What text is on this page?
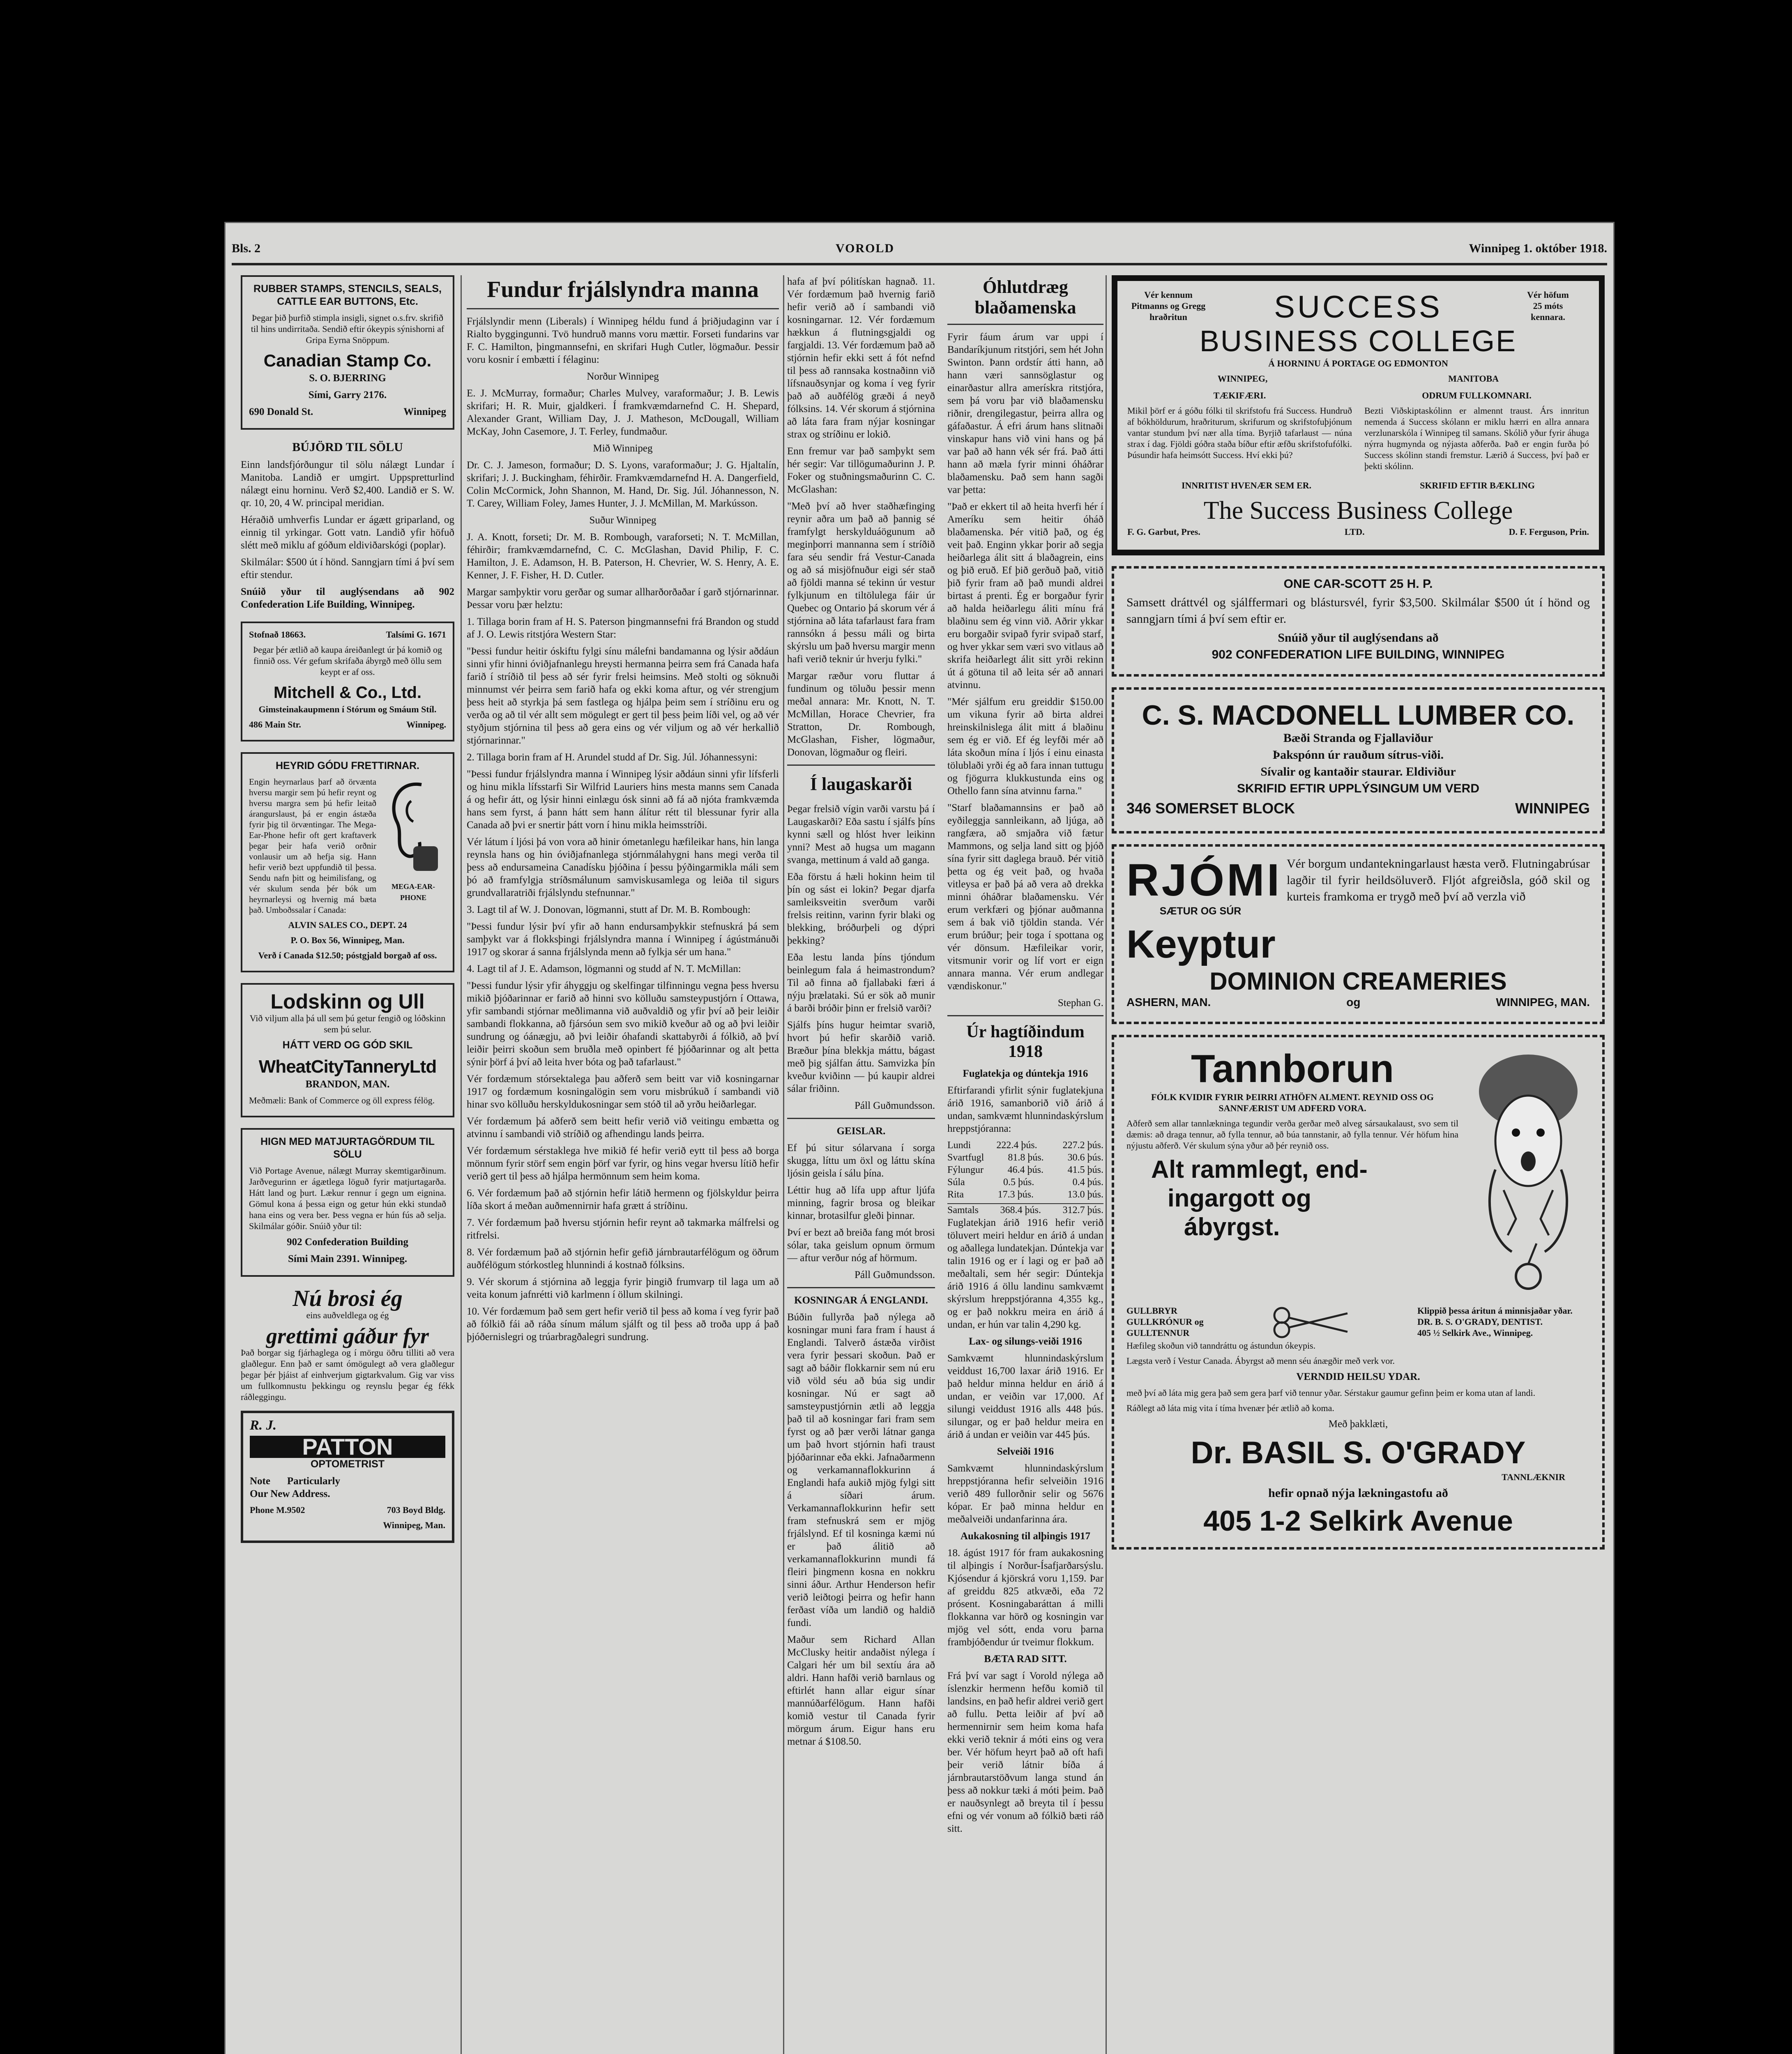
Bls. 2	VOROLD	Winnipeg 1. október 1918.
RUBBER STAMPS, STENCILS, SEALS, CATTLE EAR BUTTONS, Etc.
Þegar þið þurfið stimpla insigli, signet o.s.frv. skrifið til hins undirritaða. Sendið eftir ókeypis sýnishorni af Gripa Eyrna Snöppum.
Canadian Stamp Co.
S. O. BJERRING
Sími, Garry 2176.
690 Donald St.	Winnipeg
BÚJÖRD TIL SÖLU

Einn landsfjórðungur til sölu nálægt Lundar í Manitoba. Landið er umgirt. Uppspretturlind nálægt einu horninu. Verð $2,400. Landið er S. W. qr. 10, 20, 4 W. principal meridian.

Héraðið umhverfis Lundar er ágætt griparland, og einnig til yrkingar. Gott vatn. Landið yfir höfuð slétt með miklu af góðum eldiviðarskógi (poplar).

Skilmálar: $500 út í hönd. Sanngjarn tími á því sem eftir stendur.

Snúið yður til auglýsendans að 902 Confederation Life Building, Winnipeg.

Stofnað 18663.	Talsími G. 1671
Þegar þér ætlið að kaupa áreiðanlegt úr þá komið og finnið oss. Vér gefum skrifaða ábyrgð með öllu sem keypt er af oss.
Mitchell & Co., Ltd.
Gimsteinakaupmenn í Stórum og Smáum Stíl.
486 Main Str.	Winnipeg.
HEYRID GÓDU FRETTIRNAR.
Engin heyrnarlaus þarf að örvænta hversu margir sem þú hefir reynt og hversu margra sem þú hefir leitað árangurslaust, þá er engin ástæða fyrir þig til örvæntingar. The Mega-Ear-Phone hefir oft gert kraftaverk þegar þeir hafa verið orðnir vonlausir um að hefja sig. Hann hefir verið bezt uppfundið til þessa. Sendu nafn þitt og heimilisfang, og vér skulum senda þér bók um heyrnarleysi og hvernig má bæta það. Umboðssalar í Canada:
MEGA-EAR-PHONE
ALVIN SALES CO., DEPT. 24
P. O. Box 56, Winnipeg, Man.
Verð í Canada $12.50; póstgjald borgað af oss.
Lodskinn og Ull
Við viljum alla þá ull sem þú getur fengið og lóðskinn sem þú selur.
HÁTT VERD OG GÓD SKIL
WheatCityTanneryLtd
BRANDON, MAN.
Meðmæli: Bank of Commerce og öll express félög.
HIGN MED MATJURTAGÖRDUM TIL SÖLU
Við Portage Avenue, nálægt Murray skemtigarðinum. Jarðvegurinn er ágætlega löguð fyrir matjurtagarða. Hátt land og þurt. Lækur rennur í gegn um eignina. Gömul kona á þessa eign og getur hún ekki stundað hana eins og vera ber. Þess vegna er hún fús að selja. Skilmálar góðir. Snúið yður til:
902 Confederation Building
Sími Main 2391. Winnipeg.
Nú brosi ég
eins auðveldlega og ég
grettimi gáður fyr

Það borgar sig fjárhaglega og í mörgu öðru tilliti að vera glaðlegur. Enn það er samt ómögulegt að vera glaðlegur þegar þér þjáist af einhverjum gigtarkvalum. Gig var viss um fullkomnustu þekkingu og reynslu þegar ég fékk ráðleggingu.

R. J.
PATTON
OPTOMETRIST
Note Particularly Our New Address.
Phone M.9502	703 Boyd Bldg.
Winnipeg, Man.
Fundur frjálslyndra manna

Frjálslyndir menn (Liberals) í Winnipeg héldu fund á þriðjudaginn var í Rialto byggingunni. Tvö hundruð manns voru mættir. Forseti fundarins var F. C. Hamilton, þingmannsefni, en skrifari Hugh Cutler, lögmaður. Þessir voru kosnir í embætti í félaginu:

Norður Winnipeg

E. J. McMurray, formaður; Charles Mulvey, varaformaður; J. B. Lewis skrifari; H. R. Muir, gjaldkeri. Í framkvæmdarnefnd C. H. Shepard, Alexander Grant, William Day, J. J. Matheson, McDougall, William McKay, John Casemore, J. T. Ferley, fundmaður.

Mið Winnipeg

Dr. C. J. Jameson, formaður; D. S. Lyons, varaformaður; J. G. Hjaltalín, skrifari; J. J. Buckingham, féhirðir. Framkvæmdarnefnd H. A. Dangerfield, Colin McCormick, John Shannon, M. Hand, Dr. Sig. Júl. Jóhannesson, N. T. Carey, William Foley, James Hunter, J. J. McMillan, M. Markússon.

Suður Winnipeg

J. A. Knott, forseti; Dr. M. B. Rombough, varaforseti; N. T. McMillan, féhirðir; framkvæmdarnefnd, C. C. McGlashan, David Philip, F. C. Hamilton, J. E. Adamson, H. B. Paterson, H. Chevrier, W. S. Henry, A. E. Kenner, J. F. Fisher, H. D. Cutler.

Margar samþyktir voru gerðar og sumar allharðorðaðar í garð stjórnarinnar. Þessar voru þær helztu:

1. Tillaga borin fram af H. S. Paterson þingmannsefni frá Brandon og studd af J. O. Lewis ritstjóra Western Star:

"Þessi fundur heitir óskiftu fylgi sínu málefni bandamanna og lýsir aðdáun sinni yfir hinni óviðjafnanlegu hreysti hermanna þeirra sem frá Canada hafa farið í stríðið til þess að sér fyrir frelsi heimsins. Með stolti og söknuði minnumst vér þeirra sem farið hafa og ekki koma aftur, og vér strengjum þess heit að styrkja þá sem fastlega og hjálpa þeim sem í stríðinu eru og verða og að til vér allt sem mögulegt er gert til þess þeim líði vel, og að vér styðjum stjórnina til þess að gera eins og vér viljum og að vér herkallið stjórnarinnar."

2. Tillaga borin fram af H. Arundel studd af Dr. Sig. Júl. Jóhannessyni:

"Þessi fundur frjálslyndra manna í Winnipeg lýsir aðdáun sinni yfir lífsferli og hinu mikla lífsstarfi Sir Wilfrid Lauriers hins mesta manns sem Canada á og hefir átt, og lýsir hinni einlægu ósk sinni að fá að njóta framkvæmda hans sem fyrst, á þann hátt sem hann álítur rétt til blessunar fyrir alla Canada að þvi er snertir þátt vorn í hinu mikla heimsstríði.

Vér látum í ljósi þá von vora að hinir ómetanlegu hæfileikar hans, hin langa reynsla hans og hin óviðjafnanlega stjórnmálahygni hans megi verða til þess að endursameina Canadísku þjóðina í þessu þýðingarmikla máli sem þó að framfylgja stríðsmálunum samviskusamlega og leiða til sigurs grundvallaratriði frjálslyndu stefnunnar."

3. Lagt til af W. J. Donovan, lögmanni, stutt af Dr. M. B. Rombough:

"Þessi fundur lýsir því yfir að hann endursamþykkir stefnuskrá þá sem samþykt var á flokksþingi frjálslyndra manna í Winnipeg í ágústmánuði 1917 og skorar á sanna frjálslynda menn að fylkja sér um hana."

4. Lagt til af J. E. Adamson, lögmanni og studd af N. T. McMillan:

"Þessi fundur lýsir yfir áhyggju og skelfingar tilfinningu vegna þess hversu mikið þjóðarinnar er farið að hinni svo kölluðu samsteypustjórn í Ottawa, yfir sambandi stjórnar meðlimanna við auðvaldið og yfir því að þeir leiðir sambandi flokkanna, að fjársóun sem svo mikið kveður að og að þvi leiðir sundrung og óánægju, að þvi leiðir óhafandi skattabyrði á fólkið, að því leiðir þeirri skoðun sem bruðla með opinbert fé þjóðarinnar og alt þetta sýnir þörf á því að leita hver bóta og það tafarlaust."

Vér fordæmum stórsektalega þau aðferð sem beitt var við kosningarnar 1917 og fordæmum kosningalögin sem voru misbrúkuð í sambandi við hinar svo kölluðu herskyldukosningar sem stóð til að yrðu heiðarlegar.

Vér fordæmum þá aðferð sem beitt hefir verið við veitingu embætta og atvinnu í sambandi við stríðið og afhendingu lands þeirra.

Vér fordæmum sérstaklega hve mikið fé hefir verið eytt til þess að borga mönnum fyrir störf sem engin þörf var fyrir, og hins vegar hversu lítið hefir verið gert til þess að hjálpa hermönnum sem heim koma.

6. Vér fordæmum það að stjórnin hefir látið hermenn og fjölskyldur þeirra líða skort á meðan auðmennirnir hafa grætt á stríðinu.

7. Vér fordæmum það hversu stjórnin hefir reynt að takmarka málfrelsi og ritfrelsi.

8. Vér fordæmum það að stjórnin hefir gefið járnbrautarfélögum og öðrum auðfélögum stórkostleg hlunnindi á kostnað fólksins.

9. Vér skorum á stjórnina að leggja fyrir þingið frumvarp til laga um að veita konum jafnrétti við karlmenn í öllum skilningi.

10. Vér fordæmum það sem gert hefir verið til þess að koma í veg fyrir það að fólkið fái að ráða sínum málum sjálft og til þess að troða upp á það þjóðernislegri og trúarbragðalegri sundrung.

hafa af því pólitískan hagnað. 11. Vér fordæmum það hvernig farið hefir verið að í sambandi við kosningarnar. 12. Vér fordæmum hækkun á flutningsgjaldi og fargjaldi. 13. Vér fordæmum það að stjórnin hefir ekki sett á fót nefnd til þess að rannsaka kostnaðinn við lífsnauðsynjar og koma í veg fyrir það að auðfélög græði á neyð fólksins. 14. Vér skorum á stjórnina að láta fara fram nýjar kosningar strax og stríðinu er lokið.

Enn fremur var það samþykt sem hér segir: Var tillögumaðurinn J. P. Foker og stuðningsmaðurinn C. C. McGlashan:

"Með því að hver staðhæfinging reynir aðra um það að þannig sé framfylgt herskylduáögunum að meginþorri mannanna sem í stríðið fara séu sendir frá Vestur-Canada og að sá misjöfnuður eigi sér stað að fjöldi manna sé tekinn úr vestur fylkjunum en tiltölulega fáir úr Quebec og Ontario þá skorum vér á stjórnina að láta tafarlaust fara fram rannsókn á þessu máli og birta skýrslu um það hversu margir menn hafi verið teknir úr hverju fylki."

Margar ræður voru fluttar á fundinum og töluðu þessir menn meðal annara: Mr. Knott, N. T. McMillan, Horace Chevrier, fra Stratton, Dr. Rombough, McGlashan, Fisher, lögmaður, Donovan, lögmaður og fleiri.

Í laugaskarði

Þegar frelsið vígin varði varstu þá í Laugaskarði? Eða sastu í sjálfs þíns kynni sæll og hlóst hver leikinn ynni? Mest að hugsa um magann svanga, mettinum á vald að ganga.

Eða förstu á hæli hokinn heim til þín og sást ei lokin? Þegar djarfa samleiksveitin sverðum varði frelsis reitinn, varinn fyrir blaki og blekking, bróðurþeli og dýpri þekking?

Eða lestu landa þíns tjóndum beinlegum fala á heimastrondum? Til að finna að fjallabaki færi á nýju þrælataki. Sú er sök að munir á barði bróðir þinn er frelsið varði?

Sjálfs þíns hugur heimtar svarið, hvort þú hefir skarðið varið. Bræður þína blekkja máttu, bágast með þig sjálfan áttu. Samvizka þín kveður kviðinn — þú kaupir aldrei sálar friðinn.

Páll Guðmundsson.
GEISLAR.

Ef þú situr sólarvana í sorga skugga, líttu um öxl og láttu skína ljósin geisla í sálu þína.

Léttir hug að lífa upp aftur ljúfa minning, fagrir brosa og bleikar kinnar, brotasilfur gleði þinnar.

Því er bezt að breiða fang mót brosi sólar, taka geislum opnum örmum — aftur verður nóg af hörmum.

Páll Guðmundsson.
KOSNINGAR Á ENGLANDI.

Búðin fullyrða það nýlega að kosningar muni fara fram í haust á Englandi. Talverð ástæða virðist vera fyrir þessari skoðun. Það er sagt að báðir flokkarnir sem nú eru við völd séu að búa sig undir kosningar. Nú er sagt að samsteypustjórnin ætli að leggja það til að kosningar fari fram sem fyrst og að þær verði látnar ganga um það hvort stjórnin hafi traust þjóðarinnar eða ekki. Jafnaðarmenn og verkamannaflokkurinn á Englandi hafa aukið mjög fylgi sitt á síðari árum. Verkamannaflokkurinn hefir sett fram stefnuskrá sem er mjög frjálslynd. Ef til kosninga kæmi nú er það álitið að verkamannaflokkurinn mundi fá fleiri þingmenn kosna en nokkru sinni áður. Arthur Henderson hefir verið leiðtogi þeirra og hefir hann ferðast víða um landið og haldið fundi.

Maður sem Richard Allan McClusky heitir andaðist nýlega í Calgari hér um bil sextíu ára að aldri. Hann hafði verið barnlaus og eftirlét hann allar eigur sínar mannúðarfélögum. Hann hafði komið vestur til Canada fyrir mörgum árum. Eigur hans eru metnar á $108.50.

Óhlutdræg blaðamenska

Fyrir fáum árum var uppi í Bandaríkjunum ritstjóri, sem hét John Swinton. Þann ordstír átti hann, að hann væri sannsöglastur og einarðastur allra amerískra ritstjóra, sem þá voru þar við blaðamensku riðnir, drengilegastur, þeirra allra og gáfaðastur. Á efri árum hans slitnaði vinskapur hans við vini hans og þá var það að hann vék sér frá. Það átti hann að mæla fyrir minni óháðrar blaðamensku. Það sem hann sagði var þetta:

"Það er ekkert til að heita hverfi hér í Ameríku sem heitir óháð blaðamenska. Þér vitið það, og ég veit það. Enginn ykkar þorir að segja heiðarlega álit sitt á blaðagrein, eins og þið eruð. Ef þið gerðuð það, vitið þið fyrir fram að það mundi aldrei birtast á prenti. Ég er borgaður fyrir að halda heiðarlegu áliti mínu frá blaðinu sem ég vinn við. Aðrir ykkar eru borgaðir svipað fyrir svipað starf, og hver ykkar sem væri svo vitlaus að skrifa heiðarlegt álit sitt yrði rekinn út á götuna til að leita sér að annari atvinnu.

"Mér sjálfum eru greiddir $150.00 um vikuna fyrir að birta aldrei hreinskilnislega álit mitt á blaðinu sem ég er við. Ef ég leyfði mér að láta skoðun mína í ljós í einu einasta tölublaði yrði ég að fara innan tuttugu og fjögurra klukkustunda eins og Othello fann sína atvinnu farna."

"Starf blaðamannsins er það að eyðileggja sannleikann, að ljúga, að rangfæra, að smjaðra við fætur Mammons, og selja land sitt og þjóð sína fyrir sitt daglega brauð. Þér vitið þetta og ég veit það, og hvaða vitleysa er það þá að vera að drekka minni óháðrar blaðamensku. Vér erum verkfæri og þjónar auðmanna sem á bak við tjöldin standa. Vér erum brúður; þeir toga í spottana og vér dönsum. Hæfileikar vorir, vitsmunir vorir og líf vort er eign annara manna. Vér erum andlegar vændiskonur."

Stephan G.
Úr hagtíðindum 1918
Fuglatekja og dúntekja 1916

Eftirfarandi yfirlit sýnir fuglatekjuna árið 1916, samanborið við árið á undan, samkvæmt hlunnindaskýrslum hreppstjóranna:

Lundi	222.4 þús.	227.2 þús.
Svartfugl 81.8 þús. 30.6 þús.
Fýlungur 46.4 þús. 41.5 þús.
Súla	0.5 þús.	0.4 þús.
Rita	17.3 þús.	13.0 þús.
Samtals 368.4 þús. 312.7 þús.

Fuglatekjan árið 1916 hefir verið töluvert meiri heldur en árið á undan og aðallega lundatekjan. Dúntekja var talin 1916 og er í lagi og er það að meðaltali, sem hér segir: Dúntekja árið 1916 á öllu landinu samkvæmt skýrslum hreppstjóranna 4,355 kg., og er það nokkru meira en árið á undan, er hún var talin 4,290 kg.

Lax- og silungs-veiði 1916

Samkvæmt hlunnindaskýrslum veiddust 16,700 laxar árið 1916. Er það heldur minna heldur en árið á undan, er veiðin var 17,000. Af silungi veiddust 1916 alls 448 þús. silungar, og er það heldur meira en árið á undan er veiðin var 445 þús.

Selveiði 1916

Samkvæmt hlunnindaskýrslum hreppstjóranna hefir selveiðin 1916 verið 489 fullorðnir selir og 5676 kópar. Er það minna heldur en meðalveiði undanfarinna ára.

Aukakosning til alþingis 1917

18. ágúst 1917 fór fram aukakosning til alþingis í Norður-Ísafjarðarsýslu. Kjósendur á kjörskrá voru 1,159. Þar af greiddu 825 atkvæði, eða 72 prósent. Kosningabaráttan á milli flokkanna var hörð og kosningin var mjög vel sótt, enda voru þarna frambjóðendur úr tveimur flokkum.

BÆTA RAD SITT.

Frá því var sagt í Vorold nýlega að íslenzkir hermenn hefðu komið til landsins, en það hefir aldrei verið gert að fullu. Þetta leiðir af því að hermennirnir sem heim koma hafa ekki verið teknir á móti eins og vera ber. Vér höfum heyrt það að oft hafi þeir verið látnir bíða á járnbrautarstöðvum langa stund án þess að nokkur tæki á móti þeim. Það er nauðsynlegt að breyta til í þessu efni og vér vonum að fólkið bæti ráð sitt.

Vér kennum
Pitmanns og Gregg
hraðritun	SUCCESS	Vér höfum
25 móts
kennara.
BUSINESS COLLEGE
Á HORNINU Á PORTAGE OG EDMONTON
WINNIPEG,	MANITOBA
TÆKIFÆRI.
Mikil þörf er á góðu fólki til skrifstofu frá Success. Hundruð af bókhöldurum, hraðriturum, skrifurum og skrifstofuþjónum vantar stundum því nær alla tíma. Byrjið tafarlaust — núna strax í dag. Fjöldi góðra staða bíður eftir æfðu skrifstofufólki. Þúsundir hafa heimsótt Success. Hví ekki þú?
ODRUM FULLKOMNARI.
Bezti Viðskiptaskólinn er almennt traust. Árs innritun nemenda á Success skólann er miklu hærri en allra annara verzlunarskóla í Winnipeg til samans. Skólið yður fyrir áhuga nýrra hugmynda og nýjasta aðferða. Það er engin furða þó Success skólinn standi fremstur. Lærið á Success, því það er þekti skólinn.
INNRITIST HVENÆR SEM ER.	SKRIFID EFTIR BÆKLING
The Success Business College
F. G. Garbut, Pres.	LTD.	D. F. Ferguson, Prin.
ONE CAR-SCOTT 25 H. P.

Samsett dráttvél og sjálffermari og blástursvél, fyrir $3,500. Skilmálar $500 út í hönd og sanngjarn tími á því sem eftir er.

Snúið yður til auglýsendans að
902 CONFEDERATION LIFE BUILDING, WINNIPEG
C. S. MACDONELL LUMBER CO.
Bæði Stranda og Fjallaviður
Þakspónn úr rauðum sítrus-viði.
Sívalir og kantaðir staurar. Eldiviður
SKRIFID EFTIR UPPLÝSINGUM UM VERD
346 SOMERSET BLOCK	WINNIPEG
RJÓMI
SÆTUR OG SÚR
Keyptur

Vér borgum undantekningarlaust hæsta verð. Flutningabrúsar lagðir til fyrir heildsöluverð. Fljót afgreiðsla, góð skil og kurteis framkoma er trygð með því að verzla við

DOMINION CREAMERIES
ASHERN, MAN.	og	WINNIPEG, MAN.
Tannborun
FÓLK KVIDIR FYRIR ÞEIRRI ATHÖFN ALMENT. REYNID OSS OG SANNFÆRIST UM ADFERD VORA.

Aðferð sem allar tannlækninga tegundir verða gerðar með alveg sársaukalaust, svo sem til dæmis: að draga tennur, að fylla tennur, að búa tannstanir, að fylla tennur. Vér höfum hina nýjustu aðferð. Vér skulum sýna yður að þér reynið oss.

Alt rammlegt, end-
ingargott og
ábyrgst.
GULLBRYR
GULLKRÓNUR og
GULLTENNUR
Klippið þessa áritun á minnisjaðar yðar.
DR. B. S. O'GRADY, DENTIST.
405 ½ Selkirk Ave., Winnipeg.

Hæfileg skoðun við tanndráttu og ástundun ókeypis.

Lægsta verð í Vestur Canada. Ábyrgst að menn séu ánægðir með verk vor.

VERNDID HEILSU YDAR.

með því að láta mig gera það sem gera þarf við tennur yðar. Sérstakur gaumur gefinn þeim er koma utan af landi.

Ráðlegt að láta mig vita í tíma hvenær þér ætlið að koma.

Með þakklæti,
Dr. BASIL S. O'GRADY
TANNLÆKNIR
hefir opnað nýja lækningastofu að
405 1-2 Selkirk Avenue
